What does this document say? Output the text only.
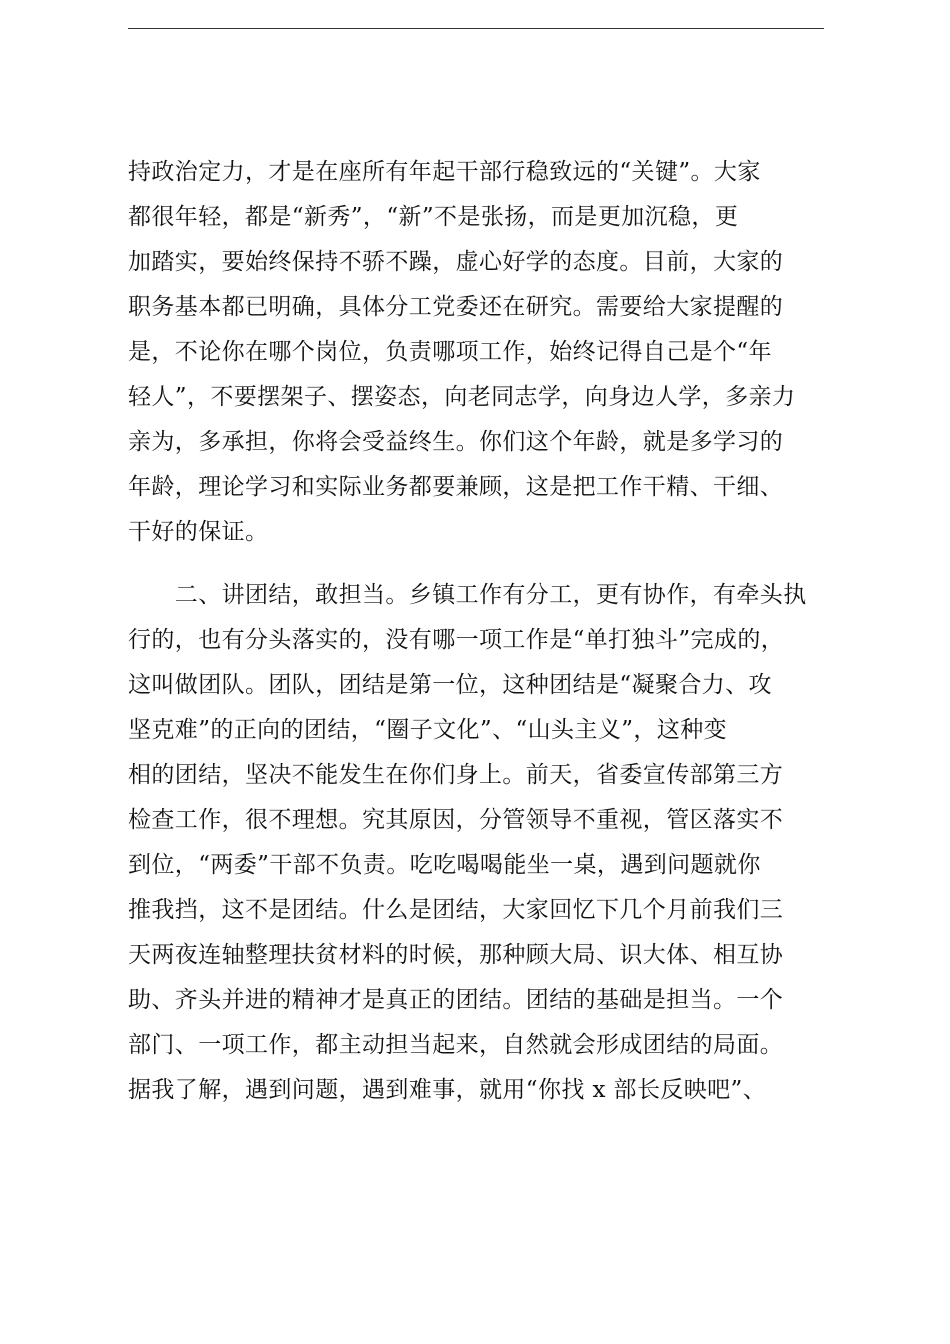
持政治定力，才是在座所有年起干部行稳致远的“关键”。大家
都很年轻，都是“新秀”，“新”不是张扬，而是更加沉稳，更
加踏实，要始终保持不骄不躁，虚心好学的态度。目前，大家的
职务基本都已明确，具体分工党委还在研究。需要给大家提醒的
是，不论你在哪个岗位，负责哪项工作，始终记得自己是个“年
轻人”，不要摆架子、摆姿态，向老同志学，向身边人学，多亲力
亲为，多承担，你将会受益终生。你们这个年龄，就是多学习的
年龄，理论学习和实际业务都要兼顾，这是把工作干精、干细、
干好的保证。
　　二、讲团结，敢担当。乡镇工作有分工，更有协作，有牵头执
行的，也有分头落实的，没有哪一项工作是“单打独斗”完成的，
这叫做团队。团队，团结是第一位，这种团结是“凝聚合力、攻
坚克难”的正向的团结，“圈子文化”、“山头主义”，这种变
相的团结，坚决不能发生在你们身上。前天，省委宣传部第三方
检查工作，很不理想。究其原因，分管领导不重视，管区落实不
到位，“两委”干部不负责。吃吃喝喝能坐一桌，遇到问题就你
推我挡，这不是团结。什么是团结，大家回忆下几个月前我们三
天两夜连轴整理扶贫材料的时候，那种顾大局、识大体、相互协
助、齐头并进的精神才是真正的团结。团结的基础是担当。一个
部门、一项工作，都主动担当起来，自然就会形成团结的局面。
据我了解，遇到问题，遇到难事，就用“你找 x 部长反映吧”、
